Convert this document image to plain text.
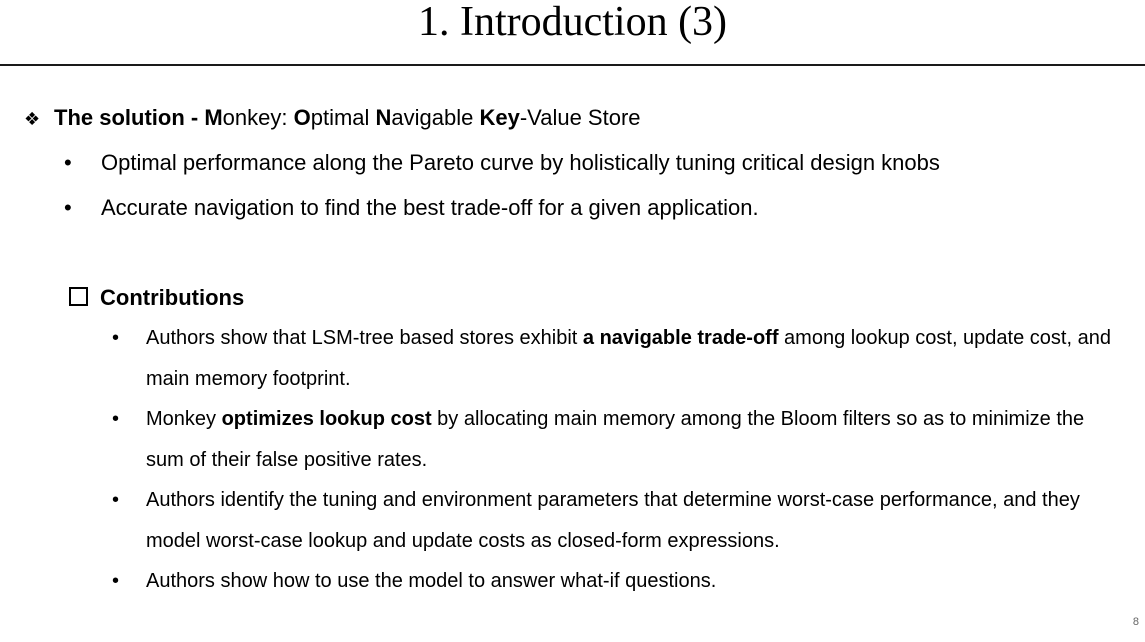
1. Introduction (3)
❖ The solution - Monkey: Optimal Navigable Key-Value Store
• Optimal performance along the Pareto curve by holistically tuning critical design knobs
• Accurate navigation to find the best trade-off for a given application.
Contributions
• Authors show that LSM-tree based stores exhibit a navigable trade-off among lookup cost, update cost, and main memory footprint.
• Monkey optimizes lookup cost by allocating main memory among the Bloom filters so as to minimize the sum of their false positive rates.
• Authors identify the tuning and environment parameters that determine worst-case performance, and they model worst-case lookup and update costs as closed-form expressions.
• Authors show how to use the model to answer what-if questions.
8
